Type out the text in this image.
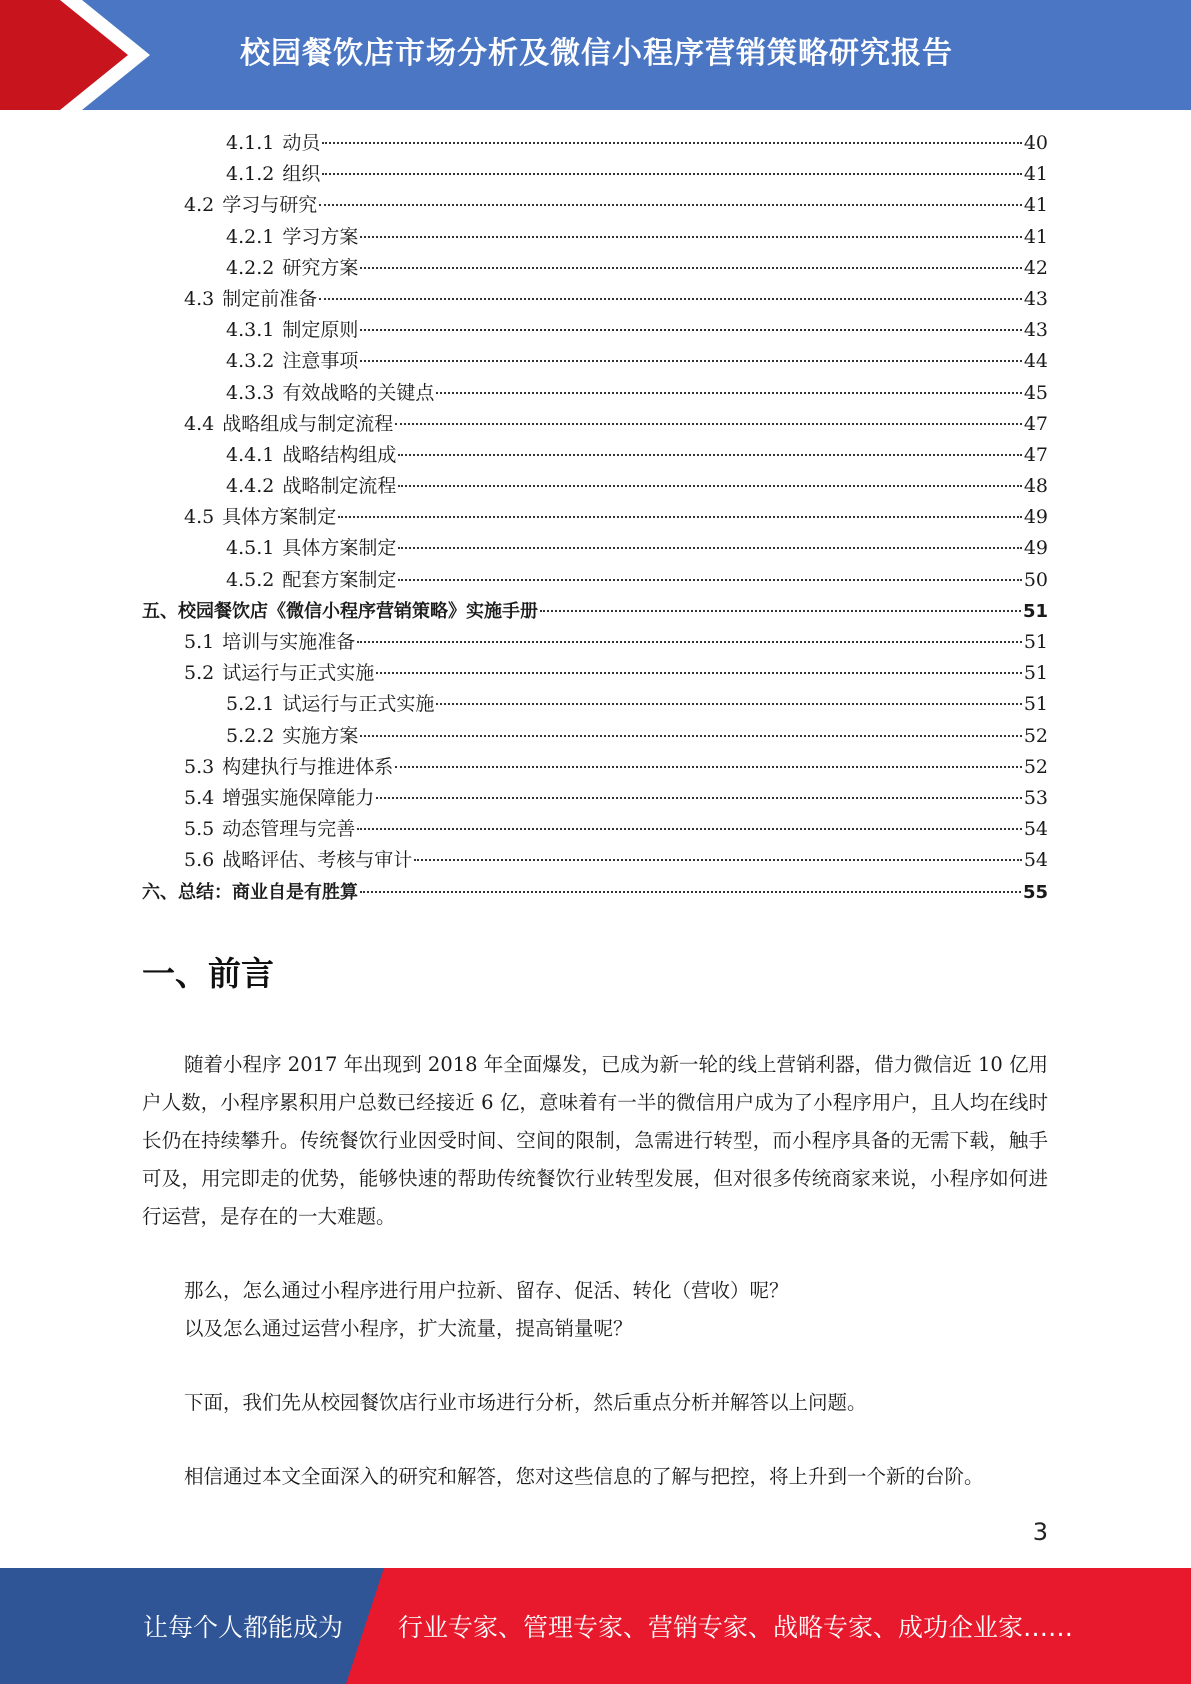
校园餐饮店市场分析及微信小程序营销策略研究报告
4.1.1 动员	40
4.1.2 组织	41
4.2 学习与研究	41
4.2.1 学习方案	41
4.2.2 研究方案	42
4.3 制定前准备	43
4.3.1 制定原则	43
4.3.2 注意事项	44
4.3.3 有效战略的关键点	45
4.4 战略组成与制定流程	47
4.4.1 战略结构组成	47
4.4.2 战略制定流程	48
4.5 具体方案制定	49
4.5.1 具体方案制定	49
4.5.2 配套方案制定	50
五、 校园餐饮店《微信小程序营销策略》实施手册	51
5.1 培训与实施准备	51
5.2 试运行与正式实施	51
5.2.1 试运行与正式实施	51
5.2.2 实施方案	52
5.3 构建执行与推进体系	52
5.4 增强实施保障能力	53
5.5 动态管理与完善	54
5.6 战略评估、考核与审计	54
六、 总结：商业自是有胜算	55
一、前言

随着小程序 2017 年出现到 2018 年全面爆发，已成为新一轮的线上营销利器，借力微信近 10 亿用户人数，小程序累积用户总数已经接近 6 亿，意味着有一半的微信用户成为了小程序用户，且人均在线时长仍在持续攀升。传统餐饮行业因受时间、空间的限制，急需进行转型，而小程序具备的无需下载，触手可及，用完即走的优势，能够快速的帮助传统餐饮行业转型发展，但对很多传统商家来说，小程序如何进行运营，是存在的一大难题。

那么，怎么通过小程序进行用户拉新、留存、促活、转化（营收）呢？

以及怎么通过运营小程序，扩大流量，提高销量呢？

下面，我们先从校园餐饮店行业市场进行分析，然后重点分析并解答以上问题。

相信通过本文全面深入的研究和解答，您对这些信息的了解与把控，将上升到一个新的台阶。

3
让每个人都能成为 行业专家、管理专家、营销专家、战略专家、成功企业家……
